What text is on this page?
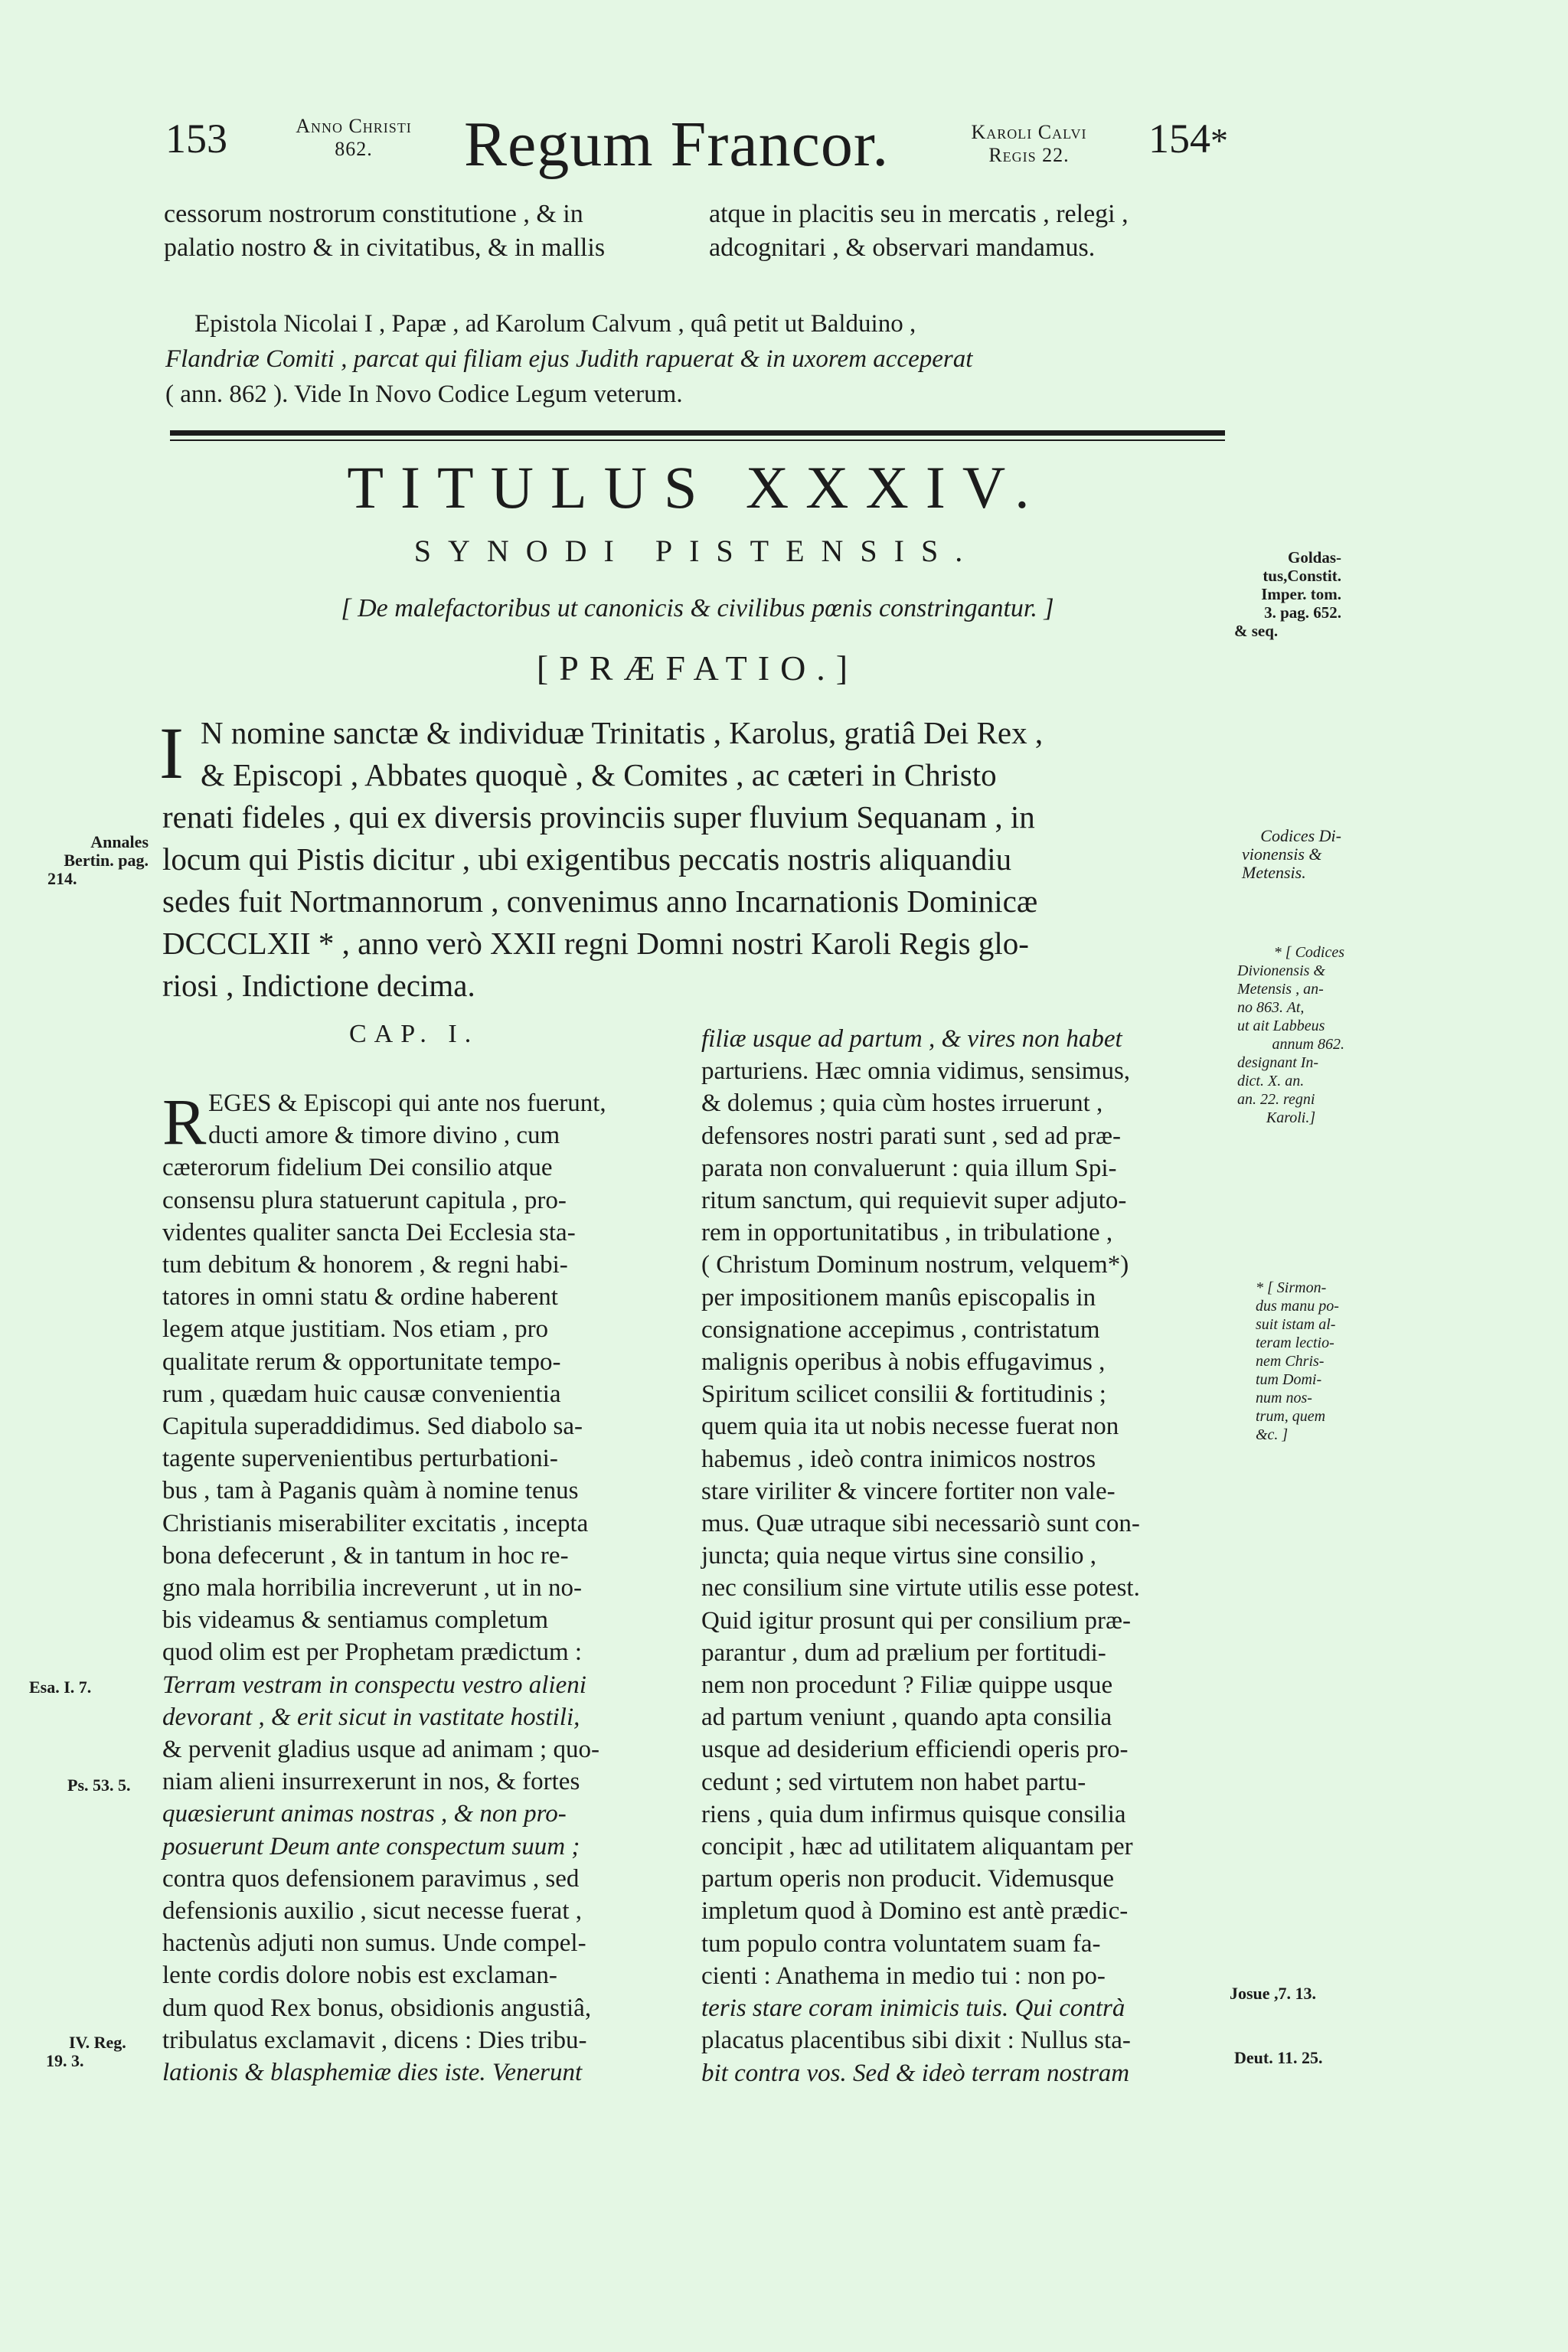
153	Anno Christi
862.	Regum Francor.	Karoli Calvi
Regis 22.	154*
cessorum nostrorum constitutione , & in
palatio nostro & in civitatibus, & in mallis
atque in placitis seu in mercatis , relegi ,
adcognitari , & observari mandamus.
Epistola Nicolai I , Papæ , ad Karolum Calvum , quâ petit ut Balduino ,
Flandriæ Comiti , parcat qui filiam ejus Judith rapuerat & in uxorem acceperat
( ann. 862 ). Vide In Novo Codice Legum veterum.
TITULUS XXXIV.
SYNODI PISTENSIS.
[ De malefactoribus ut canonicis & civilibus pœnis constringantur. ]
[PRÆFATIO.]
I N nomine sanctæ & individuæ Trinitatis , Karolus, gratiâ Dei Rex ,

& Episcopi , Abbates quoquè , & Comites , ac cæteri in Christo

renati fideles , qui ex diversis provinciis super fluvium Sequanam , in

locum qui Pistis dicitur , ubi exigentibus peccatis nostris aliquandiu

sedes fuit Nortmannorum , convenimus anno Incarnationis Dominicæ

DCCCLXII * , anno verò XXII regni Domni nostri Karoli Regis glo-

riosi , Indictione decima.

CAP. I.
R EGES & Episcopi qui ante nos fuerunt,

ducti amore & timore divino , cum

cæterorum fidelium Dei consilio atque

consensu plura statuerunt capitula , pro-

videntes qualiter sancta Dei Ecclesia sta-

tum debitum & honorem , & regni habi-

tatores in omni statu & ordine haberent

legem atque justitiam. Nos etiam , pro

qualitate rerum & opportunitate tempo-

rum , quædam huic causæ convenientia

Capitula superaddidimus. Sed diabolo sa-

tagente supervenientibus perturbationi-

bus , tam à Paganis quàm à nomine tenus

Christianis miserabiliter excitatis , incepta

bona defecerunt , & in tantum in hoc re-

gno mala horribilia increverunt , ut in no-

bis videamus & sentiamus completum

quod olim est per Prophetam prædictum :

Terram vestram in conspectu vestro alieni

devorant , & erit sicut in vastitate hostili,

& pervenit gladius usque ad animam ; quo-

niam alieni insurrexerunt in nos, & fortes

quæsierunt animas nostras , & non pro-

posuerunt Deum ante conspectum suum ;

contra quos defensionem paravimus , sed

defensionis auxilio , sicut necesse fuerat ,

hactenùs adjuti non sumus. Unde compel-

lente cordis dolore nobis est exclaman-

dum quod Rex bonus, obsidionis angustiâ,

tribulatus exclamavit , dicens : Dies tribu-

lationis & blasphemiæ dies iste. Venerunt

filiæ usque ad partum , & vires non habet

parturiens. Hæc omnia vidimus, sensimus,

& dolemus ; quia cùm hostes irruerunt ,

defensores nostri parati sunt , sed ad præ-

parata non convaluerunt : quia illum Spi-

ritum sanctum, qui requievit super adjuto-

rem in opportunitatibus , in tribulatione ,

( Christum Dominum nostrum, velquem*)

per impositionem manûs episcopalis in

consignatione accepimus , contristatum

malignis operibus à nobis effugavimus ,

Spiritum scilicet consilii & fortitudinis ;

quem quia ita ut nobis necesse fuerat non

habemus , ideò contra inimicos nostros

stare viriliter & vincere fortiter non vale-

mus. Quæ utraque sibi necessariò sunt con-

juncta; quia neque virtus sine consilio ,

nec consilium sine virtute utilis esse potest.

Quid igitur prosunt qui per consilium præ-

parantur , dum ad prælium per fortitudi-

nem non procedunt ? Filiæ quippe usque

ad partum veniunt , quando apta consilia

usque ad desiderium efficiendi operis pro-

cedunt ; sed virtutem non habet partu-

riens , quia dum infirmus quisque consilia

concipit , hæc ad utilitatem aliquantam per

partum operis non producit. Videmusque

impletum quod à Domino est antè prædic-

tum populo contra voluntatem suam fa-

cienti : Anathema in medio tui : non po-

teris stare coram inimicis tuis. Qui contrà

placatus placentibus sibi dixit : Nullus sta-

bit contra vos. Sed & ideò terram nostram

Annales
Bertin. pag.
214.
Esa. I. 7.
Ps. 53. 5.
IV. Reg.
19. 3.
Goldas-
tus,Constit.
Imper. tom.
3. pag. 652.
& seq.
Codices Di-
vionensis &
Metensis.
* [ Codices
Divionensis &
Metensis , an-
no 863. At,
ut ait Labbeus
annum 862.
designant In-
dict. X. an.
an. 22. regni
Karoli.]
* [ Sirmon-
dus manu po-
suit istam al-
teram lectio-
nem Chris-
tum Domi-
num nos-
trum, quem
&c. ]
Josue ,7. 13.
Deut. 11. 25.
